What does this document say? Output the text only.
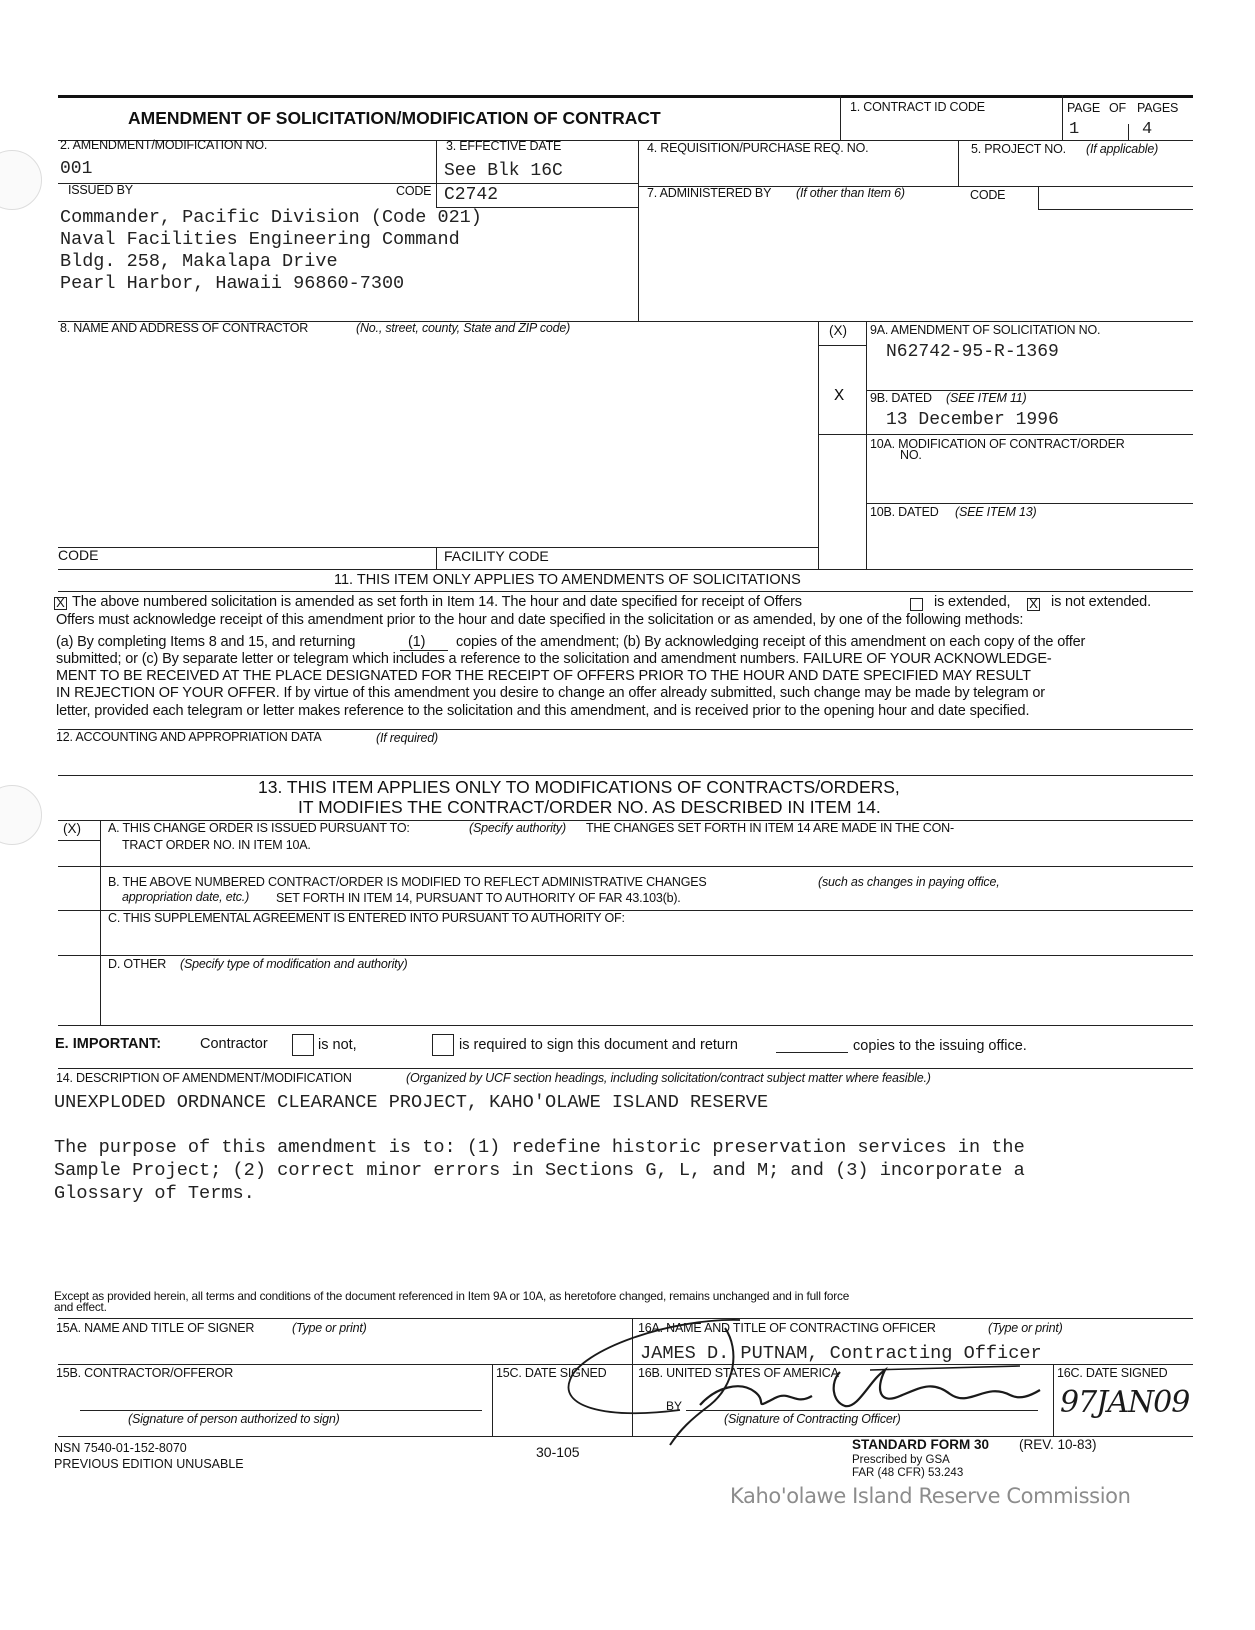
AMENDMENT OF SOLICITATION/MODIFICATION OF CONTRACT
1. CONTRACT ID CODE	PAGE OF PAGES
1	4
2. AMENDMENT/MODIFICATION NO.
001
3. EFFECTIVE DATE
See Blk 16C
4. REQUISITION/PURCHASE REQ. NO.	5. PROJECT NO. (If applicable)
ISSUED BY	CODE C2742
Commander, Pacific Division (Code 021)
Naval Facilities Engineering Command
Bldg. 258, Makalapa Drive
Pearl Harbor, Hawaii 96860-7300
7. ADMINISTERED BY (If other than Item 6)	CODE
8. NAME AND ADDRESS OF CONTRACTOR	(No., street, county, State and ZIP code)	(X) 9A. AMENDMENT OF SOLICITATION NO.
N62742-95-R-1369
X 9B. DATED (SEE ITEM 11)
13 December 1996
10A. MODIFICATION OF CONTRACT/ORDER
NO.
10B. DATED (SEE ITEM 13)
CODE	FACILITY CODE
11. THIS ITEM ONLY APPLIES TO AMENDMENTS OF SOLICITATIONS
X The above numbered solicitation is amended as set forth in Item 14. The hour and date specified for receipt of Offers	is extended, X is not extended.
Offers must acknowledge receipt of this amendment prior to the hour and date specified in the solicitation or as amended, by one of the following methods:
(a) By completing Items 8 and 15, and returning	(1) copies of the amendment; (b) By acknowledging receipt of this amendment on each copy of the offer
submitted; or (c) By separate letter or telegram which includes a reference to the solicitation and amendment numbers. FAILURE OF YOUR ACKNOWLEDGE-
MENT TO BE RECEIVED AT THE PLACE DESIGNATED FOR THE RECEIPT OF OFFERS PRIOR TO THE HOUR AND DATE SPECIFIED MAY RESULT
IN REJECTION OF YOUR OFFER. If by virtue of this amendment you desire to change an offer already submitted, such change may be made by telegram or
letter, provided each telegram or letter makes reference to the solicitation and this amendment, and is received prior to the opening hour and date specified.
12. ACCOUNTING AND APPROPRIATION DATA	(If required)
13. THIS ITEM APPLIES ONLY TO MODIFICATIONS OF CONTRACTS/ORDERS,
IT MODIFIES THE CONTRACT/ORDER NO. AS DESCRIBED IN ITEM 14.
(X) A. THIS CHANGE ORDER IS ISSUED PURSUANT TO:	(Specify authority) THE CHANGES SET FORTH IN ITEM 14 ARE MADE IN THE CON-
TRACT ORDER NO. IN ITEM 10A.
B. THE ABOVE NUMBERED CONTRACT/ORDER IS MODIFIED TO REFLECT ADMINISTRATIVE CHANGES	(such as changes in paying office,
appropriation date, etc.) SET FORTH IN ITEM 14, PURSUANT TO AUTHORITY OF FAR 43.103(b).
C. THIS SUPPLEMENTAL AGREEMENT IS ENTERED INTO PURSUANT TO AUTHORITY OF:
D. OTHER (Specify type of modification and authority)
E. IMPORTANT:	Contractor	is not,	is required to sign this document and return	copies to the issuing office.
14. DESCRIPTION OF AMENDMENT/MODIFICATION	(Organized by UCF section headings, including solicitation/contract subject matter where feasible.)
UNEXPLODED ORDNANCE CLEARANCE PROJECT, KAHO'OLAWE ISLAND RESERVE
The purpose of this amendment is to: (1) redefine historic preservation services in the
Sample Project; (2) correct minor errors in Sections G, L, and M; and (3) incorporate a
Glossary of Terms.
Except as provided herein, all terms and conditions of the document referenced in Item 9A or 10A, as heretofore changed, remains unchanged and in full force
and effect.
15A. NAME AND TITLE OF SIGNER	(Type or print)	16A. NAME AND TITLE OF CONTRACTING OFFICER	(Type or print)
JAMES D. PUTNAM, Contracting Officer
15B. CONTRACTOR/OFFEROR	15C. DATE SIGNED	16B. UNITED STATES OF AMERICA	16C. DATE SIGNED
(Signature of person authorized to sign)
BY
(Signature of Contracting Officer)	97JAN09
NSN 7540-01-152-8070
PREVIOUS EDITION UNUSABLE
30-105	STANDARD FORM 30 (REV. 10-83)
Prescribed by GSA
FAR (48 CFR) 53.243
Kaho'olawe Island Reserve Commission
